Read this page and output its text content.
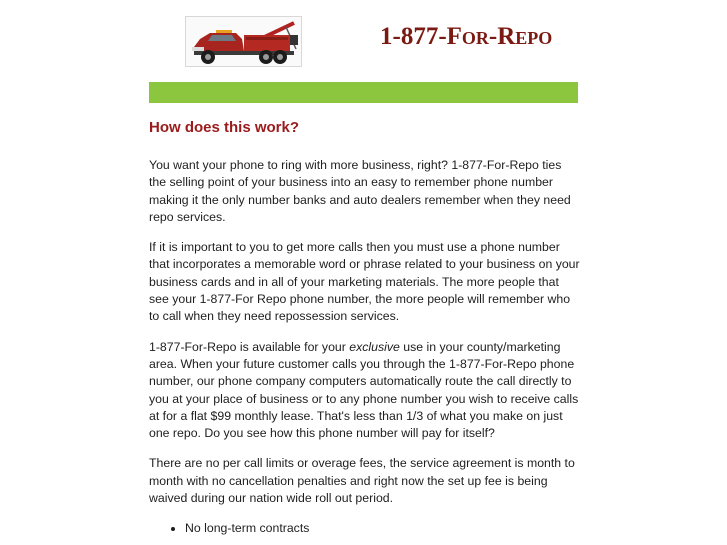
1-877-For-Repo
How does this work?

You want your phone to ring with more business, right? 1-877-For-Repo ties the selling point of your business into an easy to remember phone number making it the only number banks and auto dealers remember when they need repo services.

If it is important to you to get more calls then you must use a phone number that incorporates a memorable word or phrase related to your business on your business cards and in all of your marketing materials. The more people that see your 1-877-For Repo phone number, the more people will remember who to call when they need repossession services.

1-877-For-Repo is available for your exclusive use in your county/marketing area. When your future customer calls you through the 1-877-For-Repo phone number, our phone company computers automatically route the call directly to you at your place of business or to any phone number you wish to receive calls at for a flat $99 monthly lease. That's less than 1/3 of what you make on just one repo. Do you see how this phone number will pay for itself?

There are no per call limits or overage fees, the service agreement is month to month with no cancellation penalties and right now the set up fee is being waived during our nation wide roll out period.

• No long-term contracts
